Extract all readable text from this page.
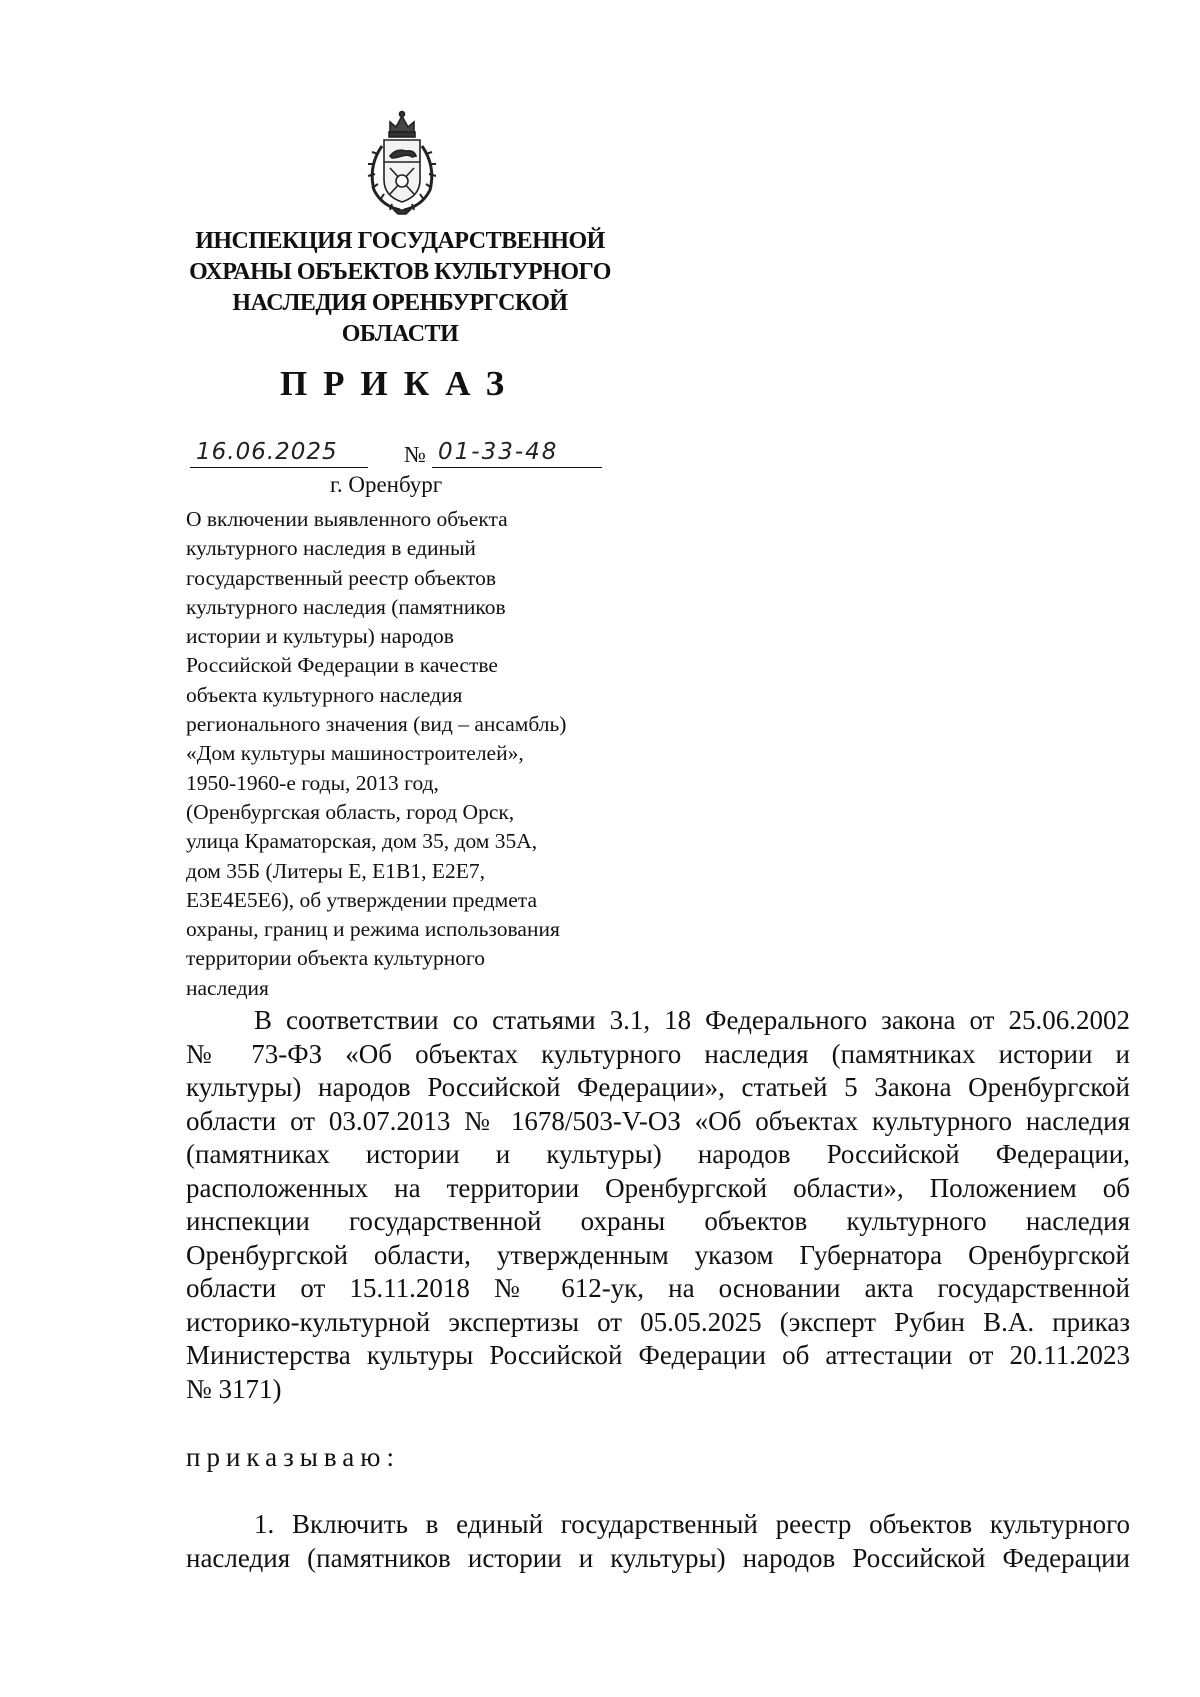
ИНСПЕКЦИЯ ГОСУДАРСТВЕННОЙ
ОХРАНЫ ОБЪЕКТОВ КУЛЬТУРНОГО
НАСЛЕДИЯ ОРЕНБУРГСКОЙ
ОБЛАСТИ
ПРИКАЗ
16.06.2025	№ 01-33-48
г. Оренбург
О включении выявленного объекта
культурного наследия в единый
государственный реестр объектов
культурного наследия (памятников
истории и культуры) народов
Российской Федерации в качестве
объекта культурного наследия
регионального значения (вид – ансамбль)
«Дом культуры машиностроителей»,
1950-1960-е годы, 2013 год,
(Оренбургская область, город Орск,
улица Краматорская, дом 35, дом 35А,
дом 35Б (Литеры Е, Е1В1, Е2Е7,
Е3Е4Е5Е6), об утверждении предмета
охраны, границ и режима использования
территории объекта культурного
наследия
В соответствии со статьями 3.1, 18 Федерального закона от 25.06.2002
№ 73-ФЗ «Об объектах культурного наследия (памятниках истории и
культуры) народов Российской Федерации», статьей 5 Закона Оренбургской
области от 03.07.2013 № 1678/503-V-ОЗ «Об объектах культурного наследия
(памятниках истории и культуры) народов Российской Федерации,
расположенных на территории Оренбургской области», Положением об
инспекции государственной охраны объектов культурного наследия
Оренбургской области, утвержденным указом Губернатора Оренбургской
области от 15.11.2018 № 612-ук, на основании акта государственной
историко-культурной экспертизы от 05.05.2025 (эксперт Рубин В.А. приказ
Министерства культуры Российской Федерации об аттестации от 20.11.2023
№ 3171)
приказываю:
1. Включить в единый государственный реестр объектов культурного
наследия (памятников истории и культуры) народов Российской Федерации
